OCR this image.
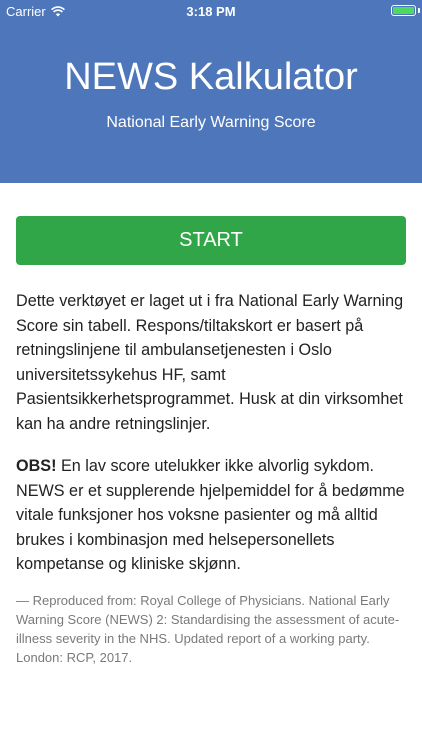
Carrier	3:18 PM
NEWS Kalkulator
National Early Warning Score
START

Dette verktøyet er laget ut i fra National Early Warning Score sin tabell. Respons/tiltakskort er basert på retningslinjene til ambulansetjenesten i Oslo universitetssykehus HF, samt Pasientsikkerhetsprogrammet. Husk at din virksomhet kan ha andre retningslinjer.

OBS! En lav score utelukker ikke alvorlig sykdom. NEWS er et supplerende hjelpemiddel for å bedømme vitale funksjoner hos voksne pasienter og må alltid brukes i kombinasjon med helsepersonellets kompetanse og kliniske skjønn.

— Reproduced from: Royal College of Physicians. National Early Warning Score (NEWS) 2: Standardising the assessment of acute-illness severity in the NHS. Updated report of a working party. London: RCP, 2017.
